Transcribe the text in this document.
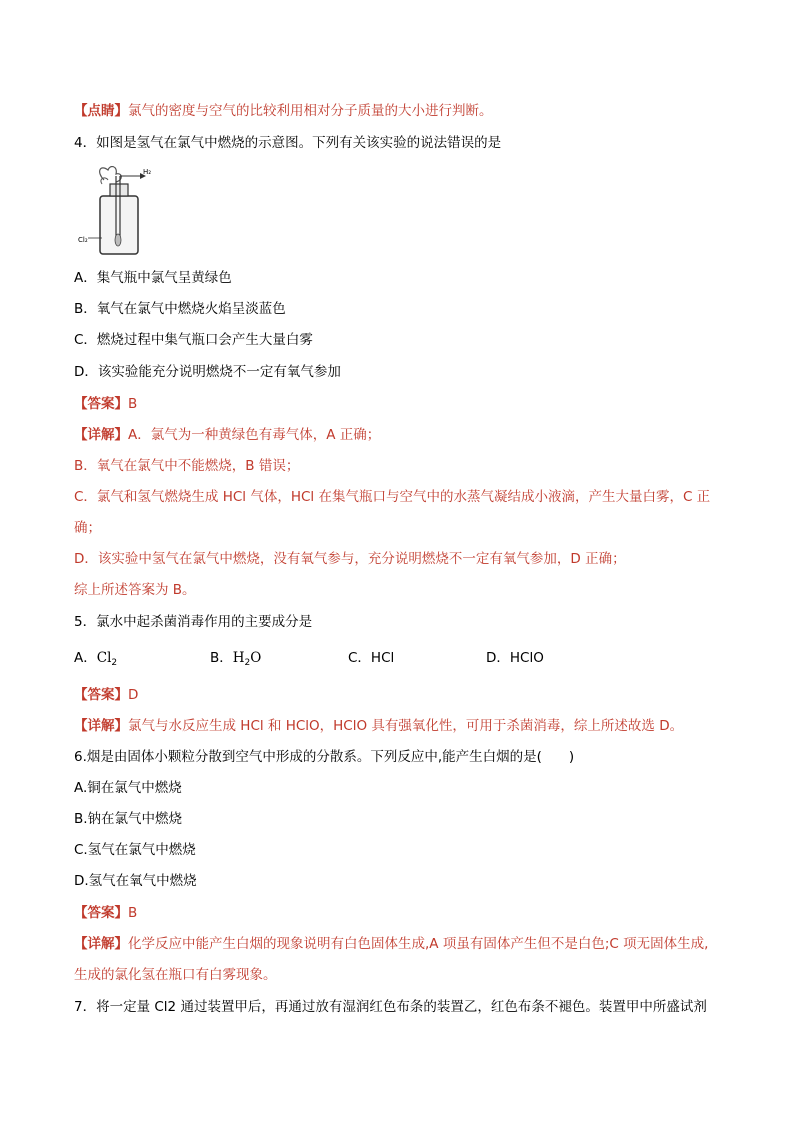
【点睛】氯气的密度与空气的比较利用相对分子质量的大小进行判断。
4．如图是氢气在氯气中燃烧的示意图。下列有关该实验的说法错误的是
H₂
Cl₂
A．集气瓶中氯气呈黄绿色
B．氧气在氯气中燃烧火焰呈淡蓝色
C．燃烧过程中集气瓶口会产生大量白雾
D．该实验能充分说明燃烧不一定有氧气参加
【答案】B
【详解】A．氯气为一种黄绿色有毒气体，A 正确；
B．氧气在氯气中不能燃烧，B 错误；
C．氯气和氢气燃烧生成 HCl 气体，HCl 在集气瓶口与空气中的水蒸气凝结成小液滴，产生大量白雾，C 正
确；
D．该实验中氢气在氯气中燃烧，没有氧气参与，充分说明燃烧不一定有氧气参加，D 正确；
综上所述答案为 B。
5．氯水中起杀菌消毒作用的主要成分是
A．$Cl_2$	B．$H_2O$	C．HCl	D．HClO
【答案】D
【详解】氯气与水反应生成 HCl 和 HClO，HClO 具有强氧化性，可用于杀菌消毒，综上所述故选 D。
6.烟是由固体小颗粒分散到空气中形成的分散系。下列反应中,能产生白烟的是(　　)
A.铜在氯气中燃烧
B.钠在氯气中燃烧
C.氢气在氯气中燃烧
D.氢气在氧气中燃烧
【答案】B
【详解】化学反应中能产生白烟的现象说明有白色固体生成,A 项虽有固体产生但不是白色;C 项无固体生成,
生成的氯化氢在瓶口有白雾现象。
7．将一定量 Cl2 通过装置甲后，再通过放有湿润红色布条的装置乙，红色布条不褪色。装置甲中所盛试剂
